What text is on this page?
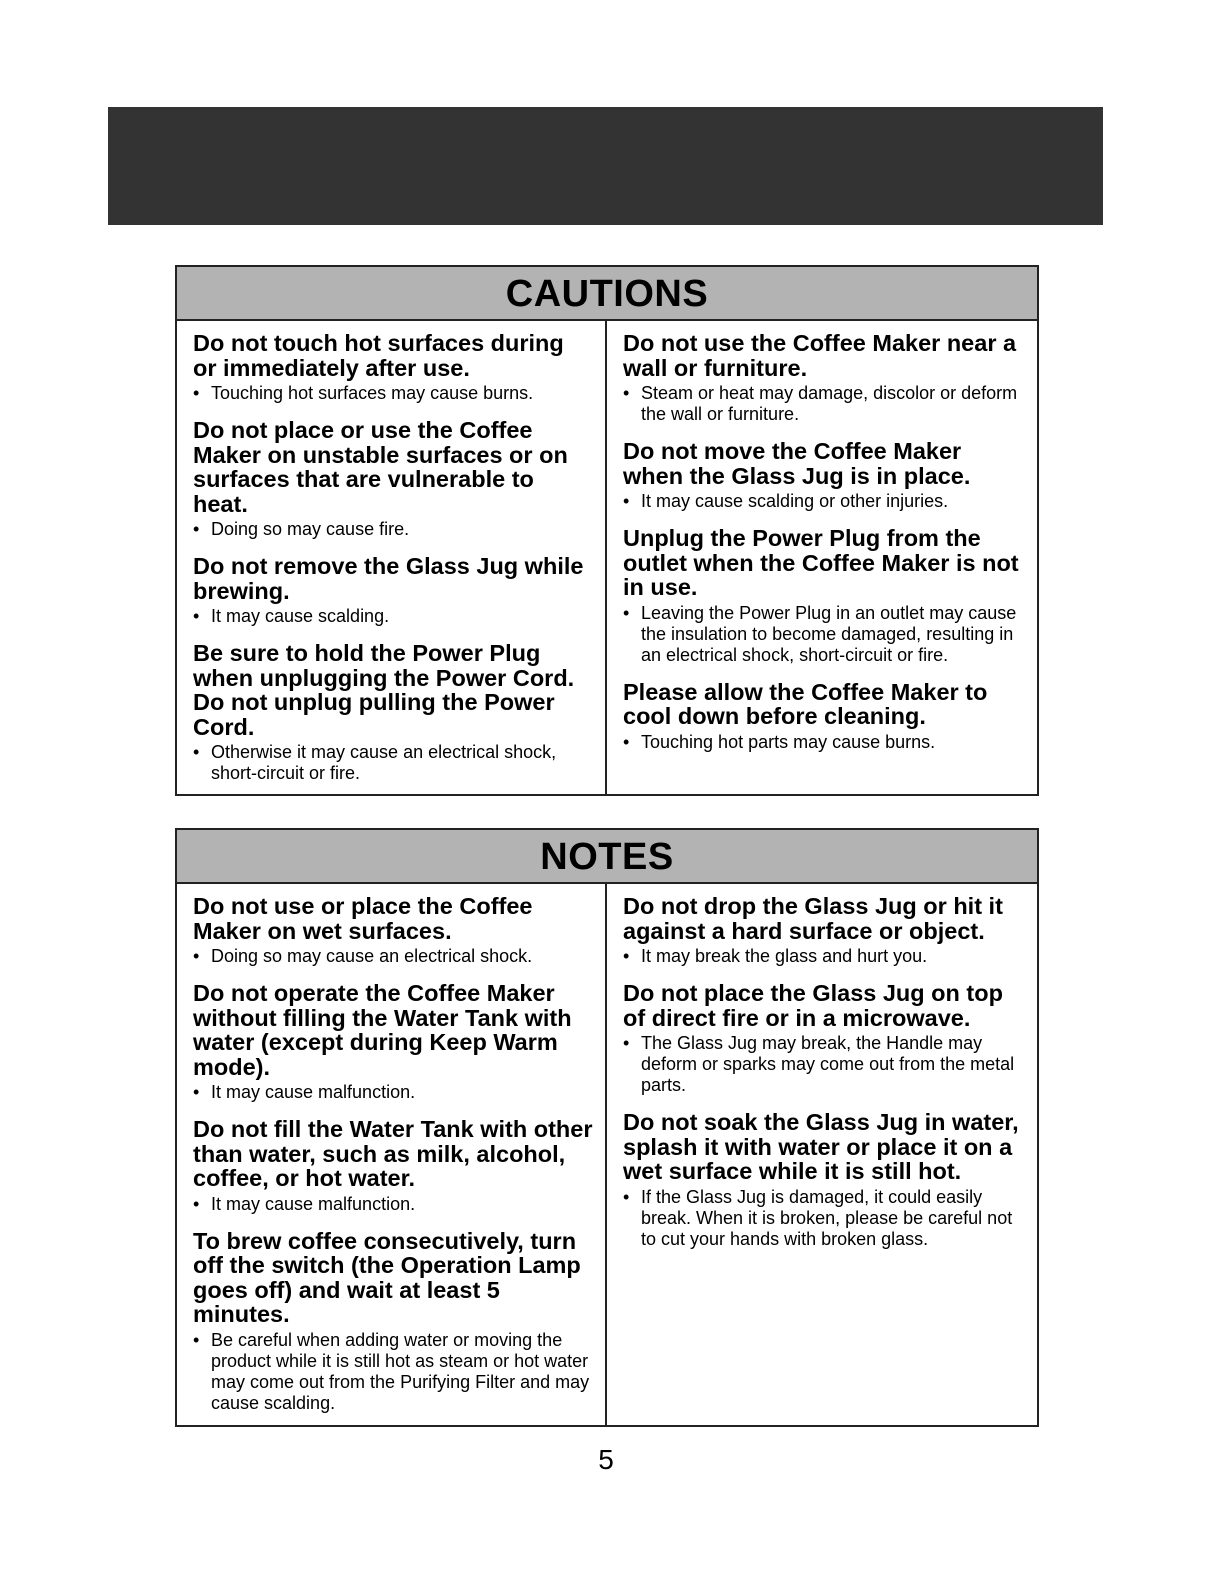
CAUTIONS
Do not touch hot surfaces during or immediately after use.
• Touching hot surfaces may cause burns.
Do not place or use the Coffee Maker on unstable surfaces or on surfaces that are vulnerable to heat.
• Doing so may cause fire.
Do not remove the Glass Jug while brewing.
• It may cause scalding.
Be sure to hold the Power Plug when unplugging the Power Cord. Do not unplug pulling the Power Cord.
• Otherwise it may cause an electrical shock, short-circuit or fire.
Do not use the Coffee Maker near a wall or furniture.
• Steam or heat may damage, discolor or deform the wall or furniture.
Do not move the Coffee Maker when the Glass Jug is in place.
• It may cause scalding or other injuries.
Unplug the Power Plug from the outlet when the Coffee Maker is not in use.
• Leaving the Power Plug in an outlet may cause the insulation to become damaged, resulting in an electrical shock, short-circuit or fire.
Please allow the Coffee Maker to cool down before cleaning.
• Touching hot parts may cause burns.
NOTES
Do not use or place the Coffee Maker on wet surfaces.
• Doing so may cause an electrical shock.
Do not operate the Coffee Maker without filling the Water Tank with water (except during Keep Warm mode).
• It may cause malfunction.
Do not fill the Water Tank with other than water, such as milk, alcohol, coffee, or hot water.
• It may cause malfunction.
To brew coffee consecutively, turn off the switch (the Operation Lamp goes off) and wait at least 5 minutes.
• Be careful when adding water or moving the product while it is still hot as steam or hot water may come out from the Purifying Filter and may cause scalding.
Do not drop the Glass Jug or hit it against a hard surface or object.
• It may break the glass and hurt you.
Do not place the Glass Jug on top of direct fire or in a microwave.
• The Glass Jug may break, the Handle may deform or sparks may come out from the metal parts.
Do not soak the Glass Jug in water, splash it with water or place it on a wet surface while it is still hot.
• If the Glass Jug is damaged, it could easily break. When it is broken, please be careful not to cut your hands with broken glass.
5
